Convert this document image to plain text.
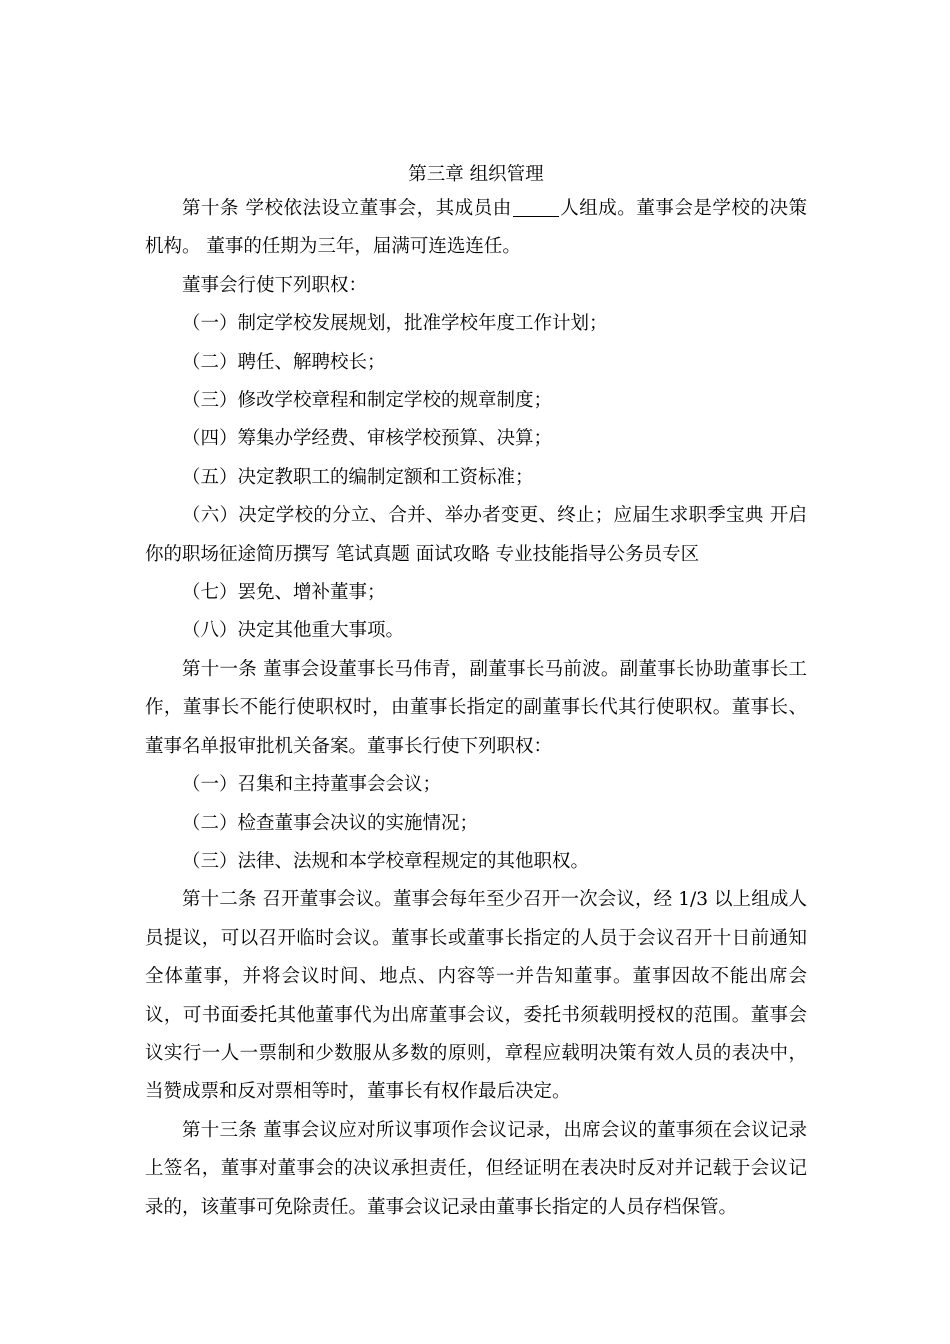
第三章 组织管理

第十条 学校依法设立董事会，其成员由	人组成。董事会是学校的决策机构。 董事的任期为三年，届满可连选连任。

董事会行使下列职权：

（一）制定学校发展规划，批准学校年度工作计划；

（二）聘任、解聘校长；

（三）修改学校章程和制定学校的规章制度；

（四）筹集办学经费、审核学校预算、决算；

（五）决定教职工的编制定额和工资标准；

（六）决定学校的分立、合并、举办者变更、终止；应届生求职季宝典 开启你的职场征途简历撰写 笔试真题 面试攻略 专业技能指导公务员专区

（七）罢免、增补董事；

（八）决定其他重大事项。

第十一条 董事会设董事长马伟青，副董事长马前波。副董事长协助董事长工作，董事长不能行使职权时，由董事长指定的副董事长代其行使职权。董事长、董事名单报审批机关备案。董事长行使下列职权：

（一）召集和主持董事会会议；

（二）检查董事会决议的实施情况；

（三）法律、法规和本学校章程规定的其他职权。

第十二条 召开董事会议。董事会每年至少召开一次会议，经 1/3 以上组成人员提议，可以召开临时会议。董事长或董事长指定的人员于会议召开十日前通知全体董事，并将会议时间、地点、内容等一并告知董事。董事因故不能出席会议，可书面委托其他董事代为出席董事会议，委托书须载明授权的范围。董事会议实行一人一票制和少数服从多数的原则，章程应载明决策有效人员的表决中，当赞成票和反对票相等时，董事长有权作最后决定。

第十三条 董事会议应对所议事项作会议记录，出席会议的董事须在会议记录上签名，董事对董事会的决议承担责任，但经证明在表决时反对并记载于会议记录的，该董事可免除责任。董事会议记录由董事长指定的人员存档保管。
